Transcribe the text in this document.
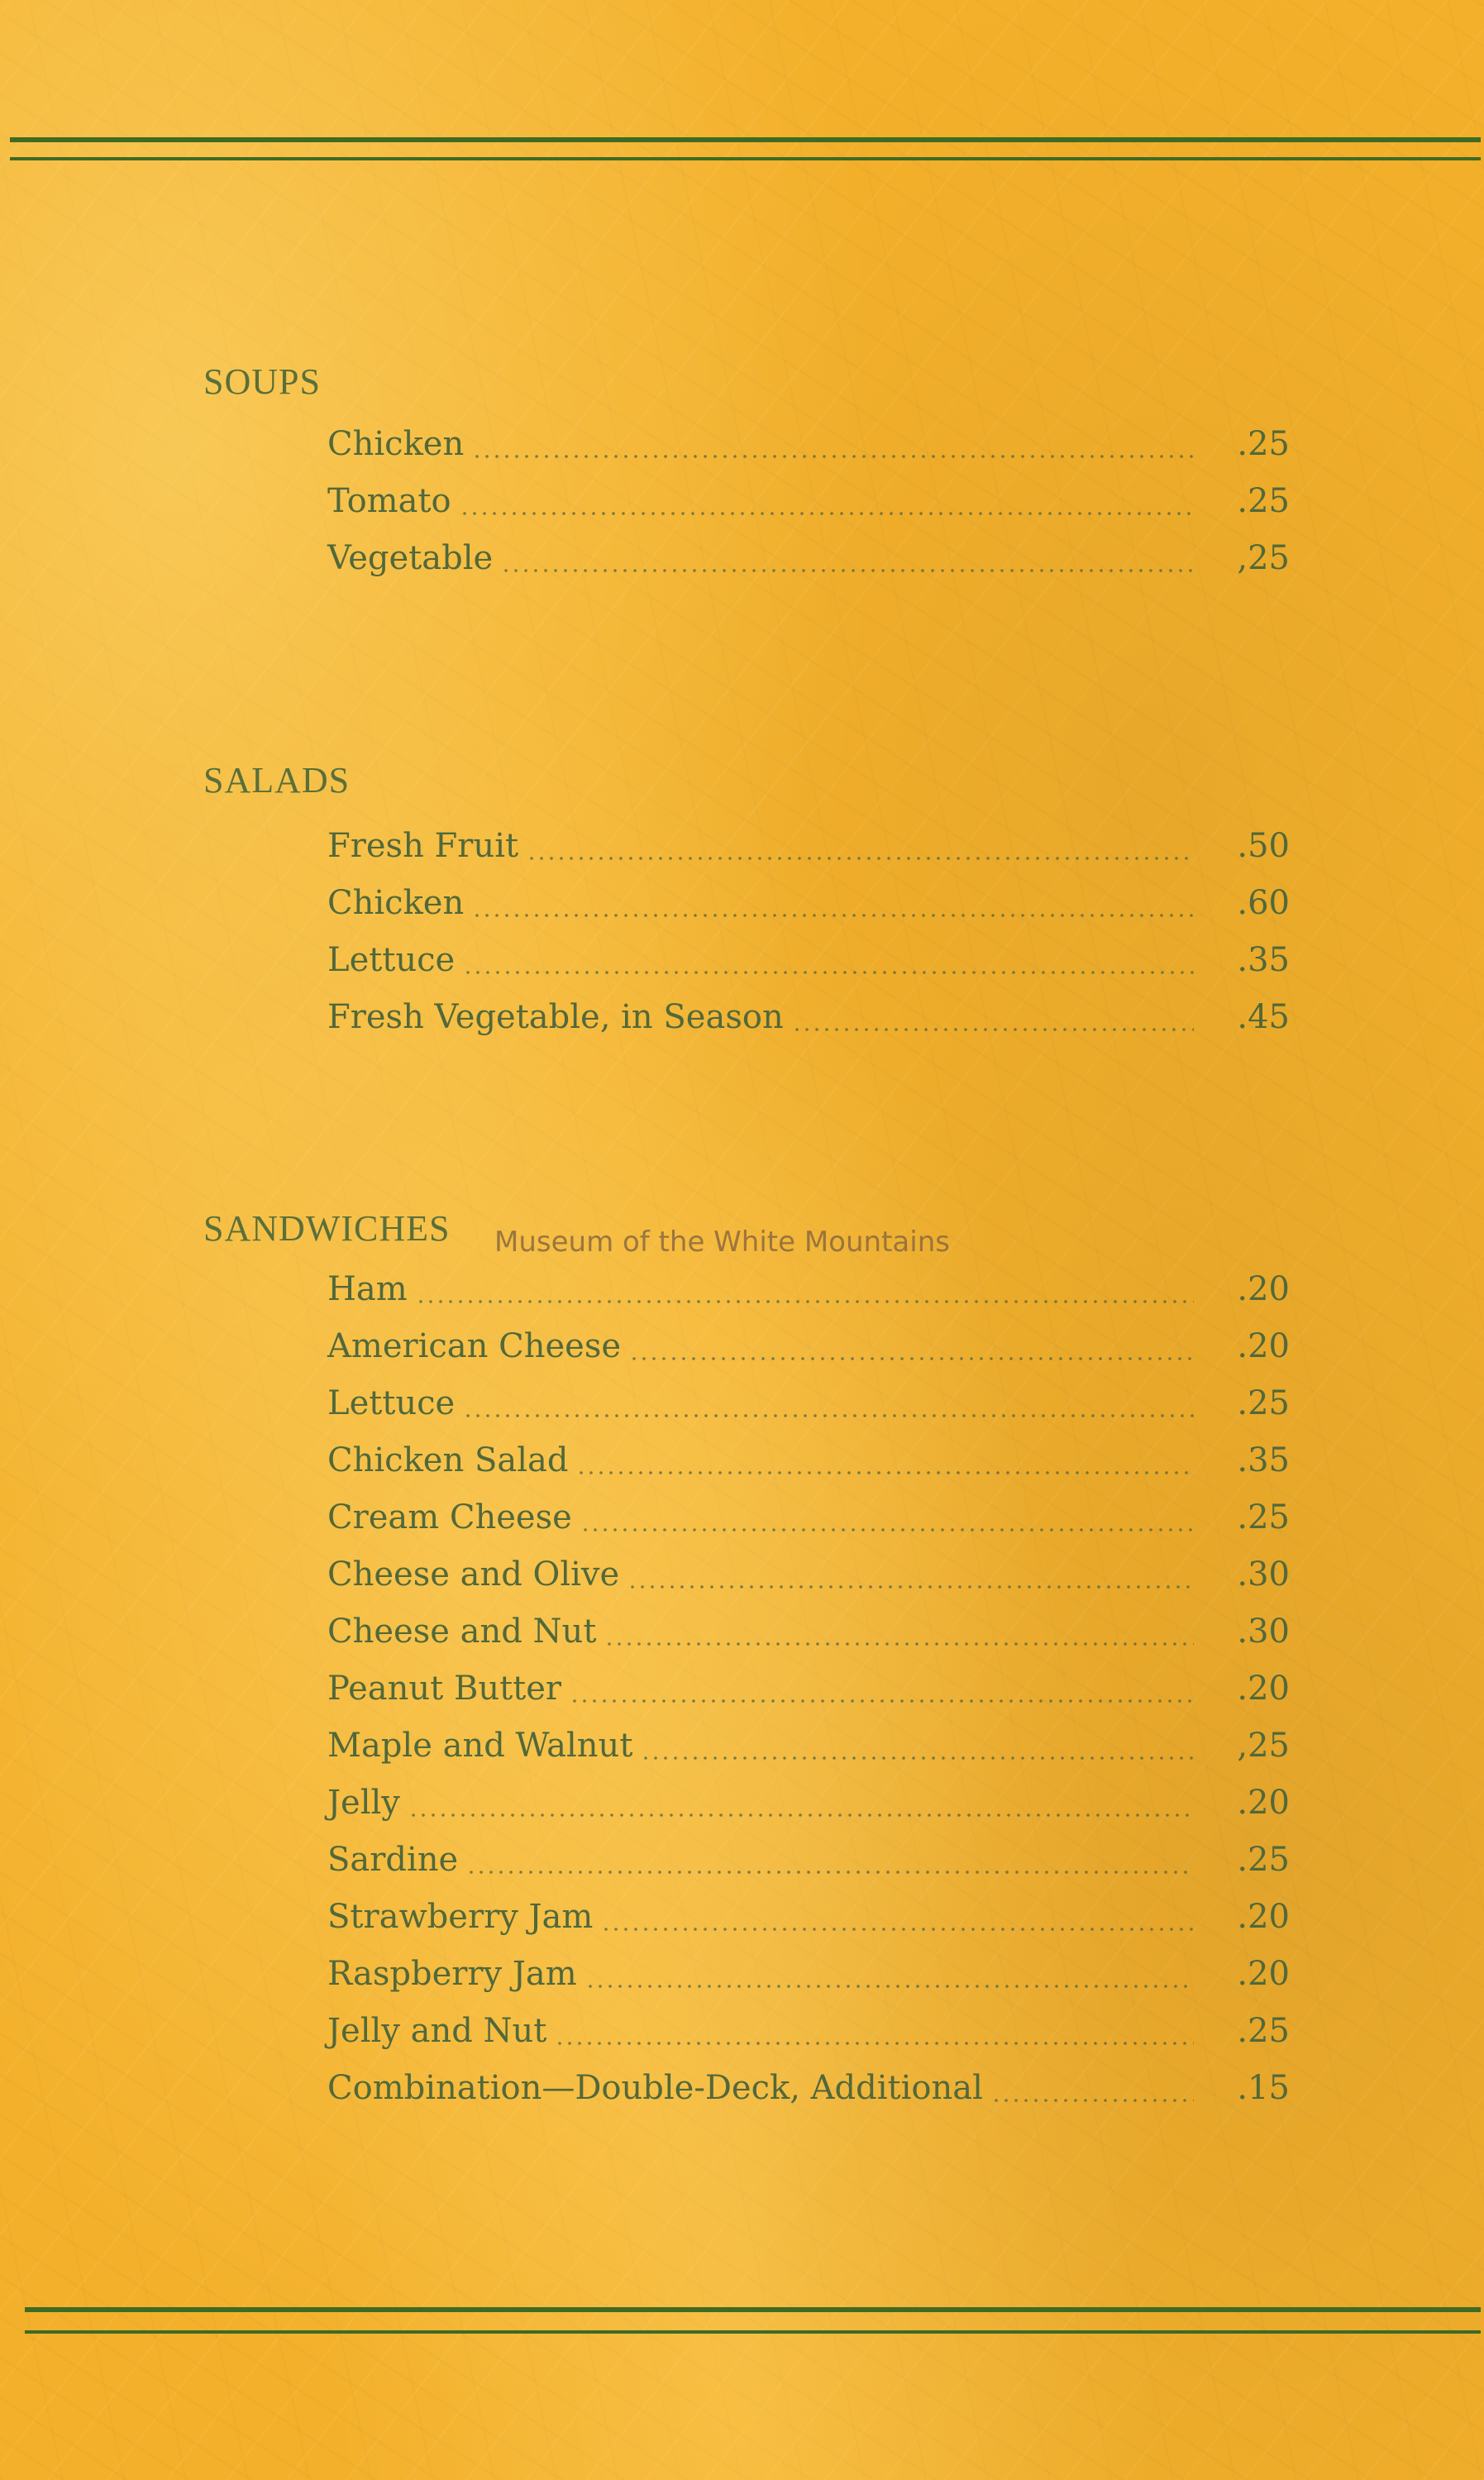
SOUPS
Chicken	.25
Tomato	.25
Vegetable	,25
SALADS
Fresh Fruit	.50
Chicken	.60
Lettuce	.35
Fresh Vegetable, in Season	.45
SANDWICHES Museum of the White Mountains
Ham	.20
American Cheese	.20
Lettuce	.25
Chicken Salad	.35
Cream Cheese	.25
Cheese and Olive	.30
Cheese and Nut	.30
Peanut Butter	.20
Maple and Walnut	,25
Jelly	.20
Sardine	.25
Strawberry Jam	.20
Raspberry Jam	.20
Jelly and Nut	.25
Combination—Double-Deck, Additional	.15
